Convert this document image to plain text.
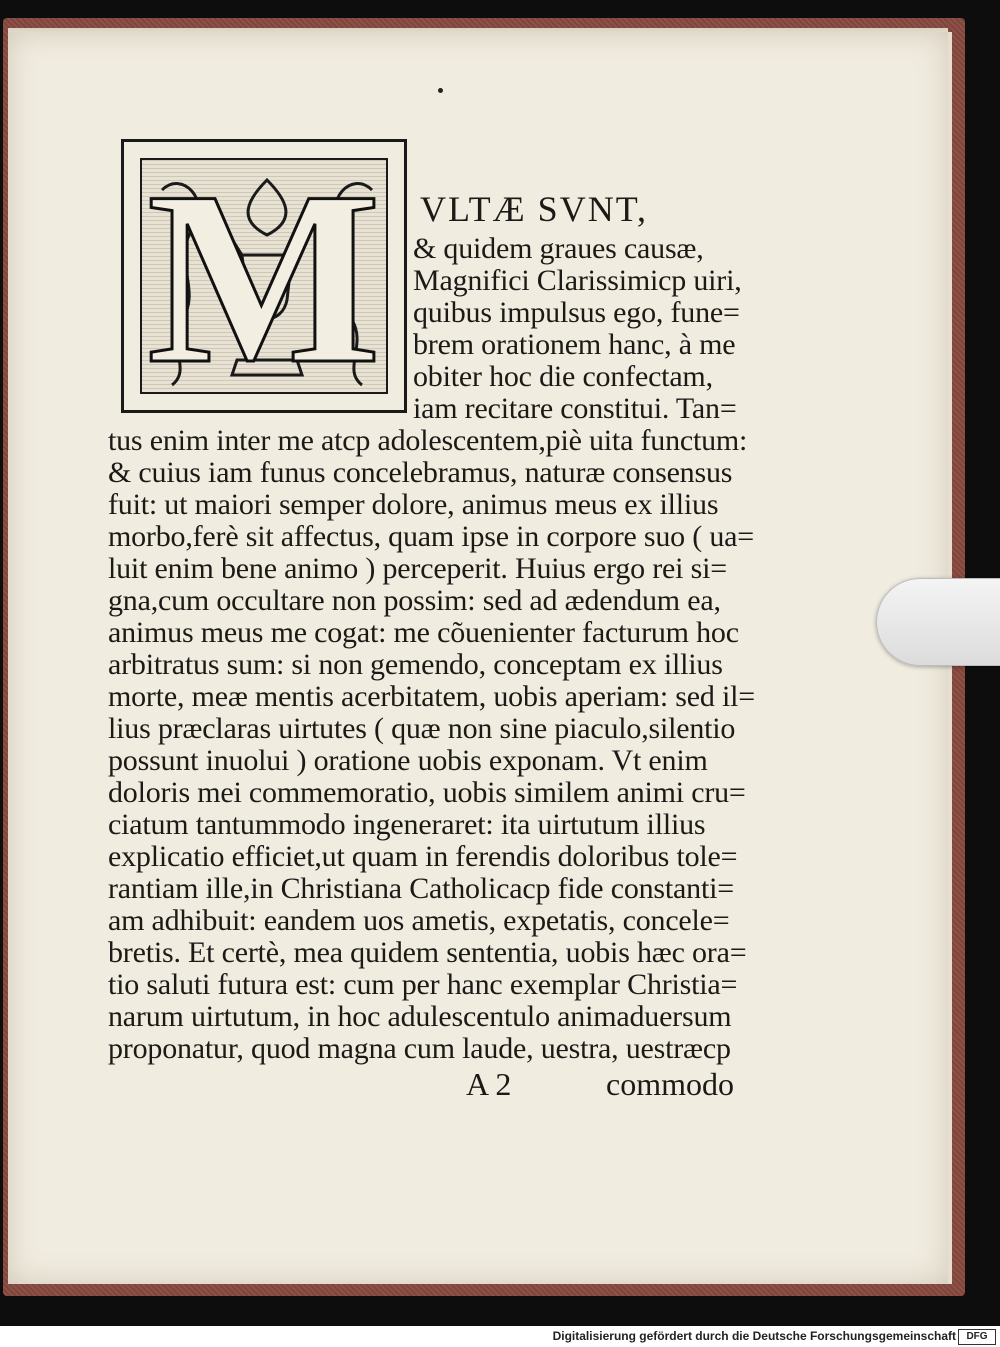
M VLTÆ SVNT,
& quidem graues causæ,
Magnifici Clarissimicp uiri,
quibus impulsus ego, fune=
brem orationem hanc, à me
obiter hoc die confectam,
iam recitare constitui. Tan=
tus enim inter me atcp adolescentem,piè uita functum:
& cuius iam funus concelebramus, naturæ consensus
fuit: ut maiori semper dolore, animus meus ex illius
morbo,ferè sit affectus, quam ipse in corpore suo ( ua=
luit enim bene animo ) perceperit. Huius ergo rei si=
gna,cum occultare non possim: sed ad ædendum ea,
animus meus me cogat: me cõuenienter facturum hoc
arbitratus sum: si non gemendo, conceptam ex illius
morte, meæ mentis acerbitatem, uobis aperiam: sed il=
lius præclaras uirtutes ( quæ non sine piaculo,silentio
possunt inuolui ) oratione uobis exponam. Vt enim
doloris mei commemoratio, uobis similem animi cru=
ciatum tantummodo ingeneraret: ita uirtutum illius
explicatio efficiet,ut quam in ferendis doloribus tole=
rantiam ille,in Christiana Catholicacp fide constanti=
am adhibuit: eandem uos ametis, expetatis, concele=
bretis. Et certè, mea quidem sententia, uobis hæc ora=
tio saluti futura est: cum per hanc exemplar Christia=
narum uirtutum, in hoc adulescentulo animaduersum
proponatur, quod magna cum laude, uestra, uestræcp
A 2	commodo
Digitalisierung gefördert durch die Deutsche Forschungsgemeinschaft	DFG
